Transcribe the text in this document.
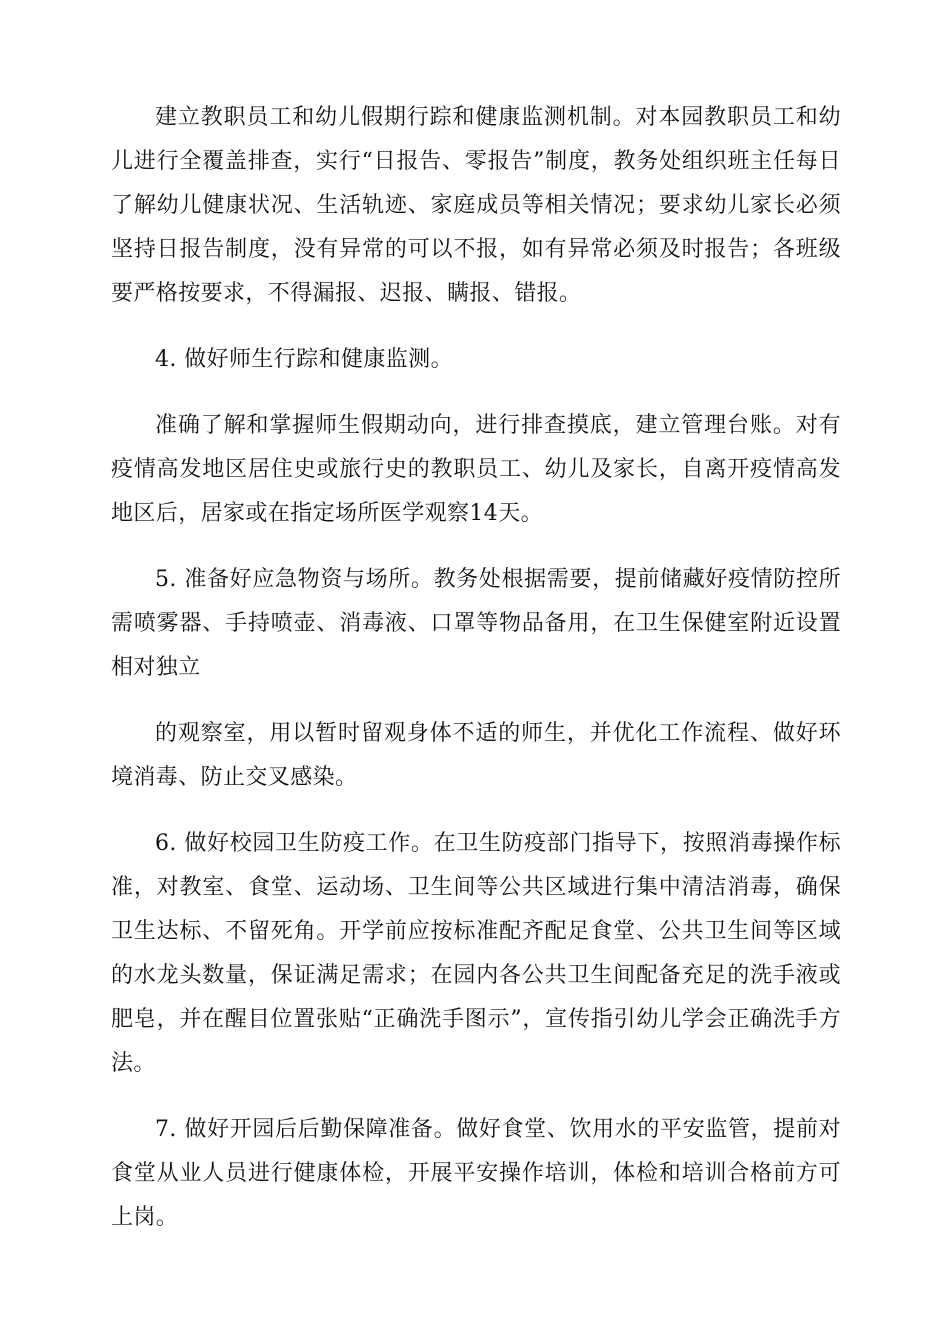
建立教职员工和幼儿假期行踪和健康监测机制。对本园教职员工和幼儿进行全覆盖排查，实行“日报告、零报告”制度，教务处组织班主任每日了解幼儿健康状况、生活轨迹、家庭成员等相关情况；要求幼儿家长必须坚持日报告制度，没有异常的可以不报，如有异常必须及时报告；各班级要严格按要求，不得漏报、迟报、瞒报、错报。

4. 做好师生行踪和健康监测。

准确了解和掌握师生假期动向，进行排查摸底，建立管理台账。对有疫情高发地区居住史或旅行史的教职员工、幼儿及家长，自离开疫情高发地区后，居家或在指定场所医学观察14天。

5. 准备好应急物资与场所。教务处根据需要，提前储藏好疫情防控所需喷雾器、手持喷壶、消毒液、口罩等物品备用，在卫生保健室附近设置相对独立

的观察室，用以暂时留观身体不适的师生，并优化工作流程、做好环境消毒、防止交叉感染。

6. 做好校园卫生防疫工作。在卫生防疫部门指导下，按照消毒操作标准，对教室、食堂、运动场、卫生间等公共区域进行集中清洁消毒，确保卫生达标、不留死角。开学前应按标准配齐配足食堂、公共卫生间等区域的水龙头数量，保证满足需求；在园内各公共卫生间配备充足的洗手液或肥皂，并在醒目位置张贴“正确洗手图示”，宣传指引幼儿学会正确洗手方法。

7. 做好开园后后勤保障准备。做好食堂、饮用水的平安监管，提前对食堂从业人员进行健康体检，开展平安操作培训，体检和培训合格前方可上岗。
